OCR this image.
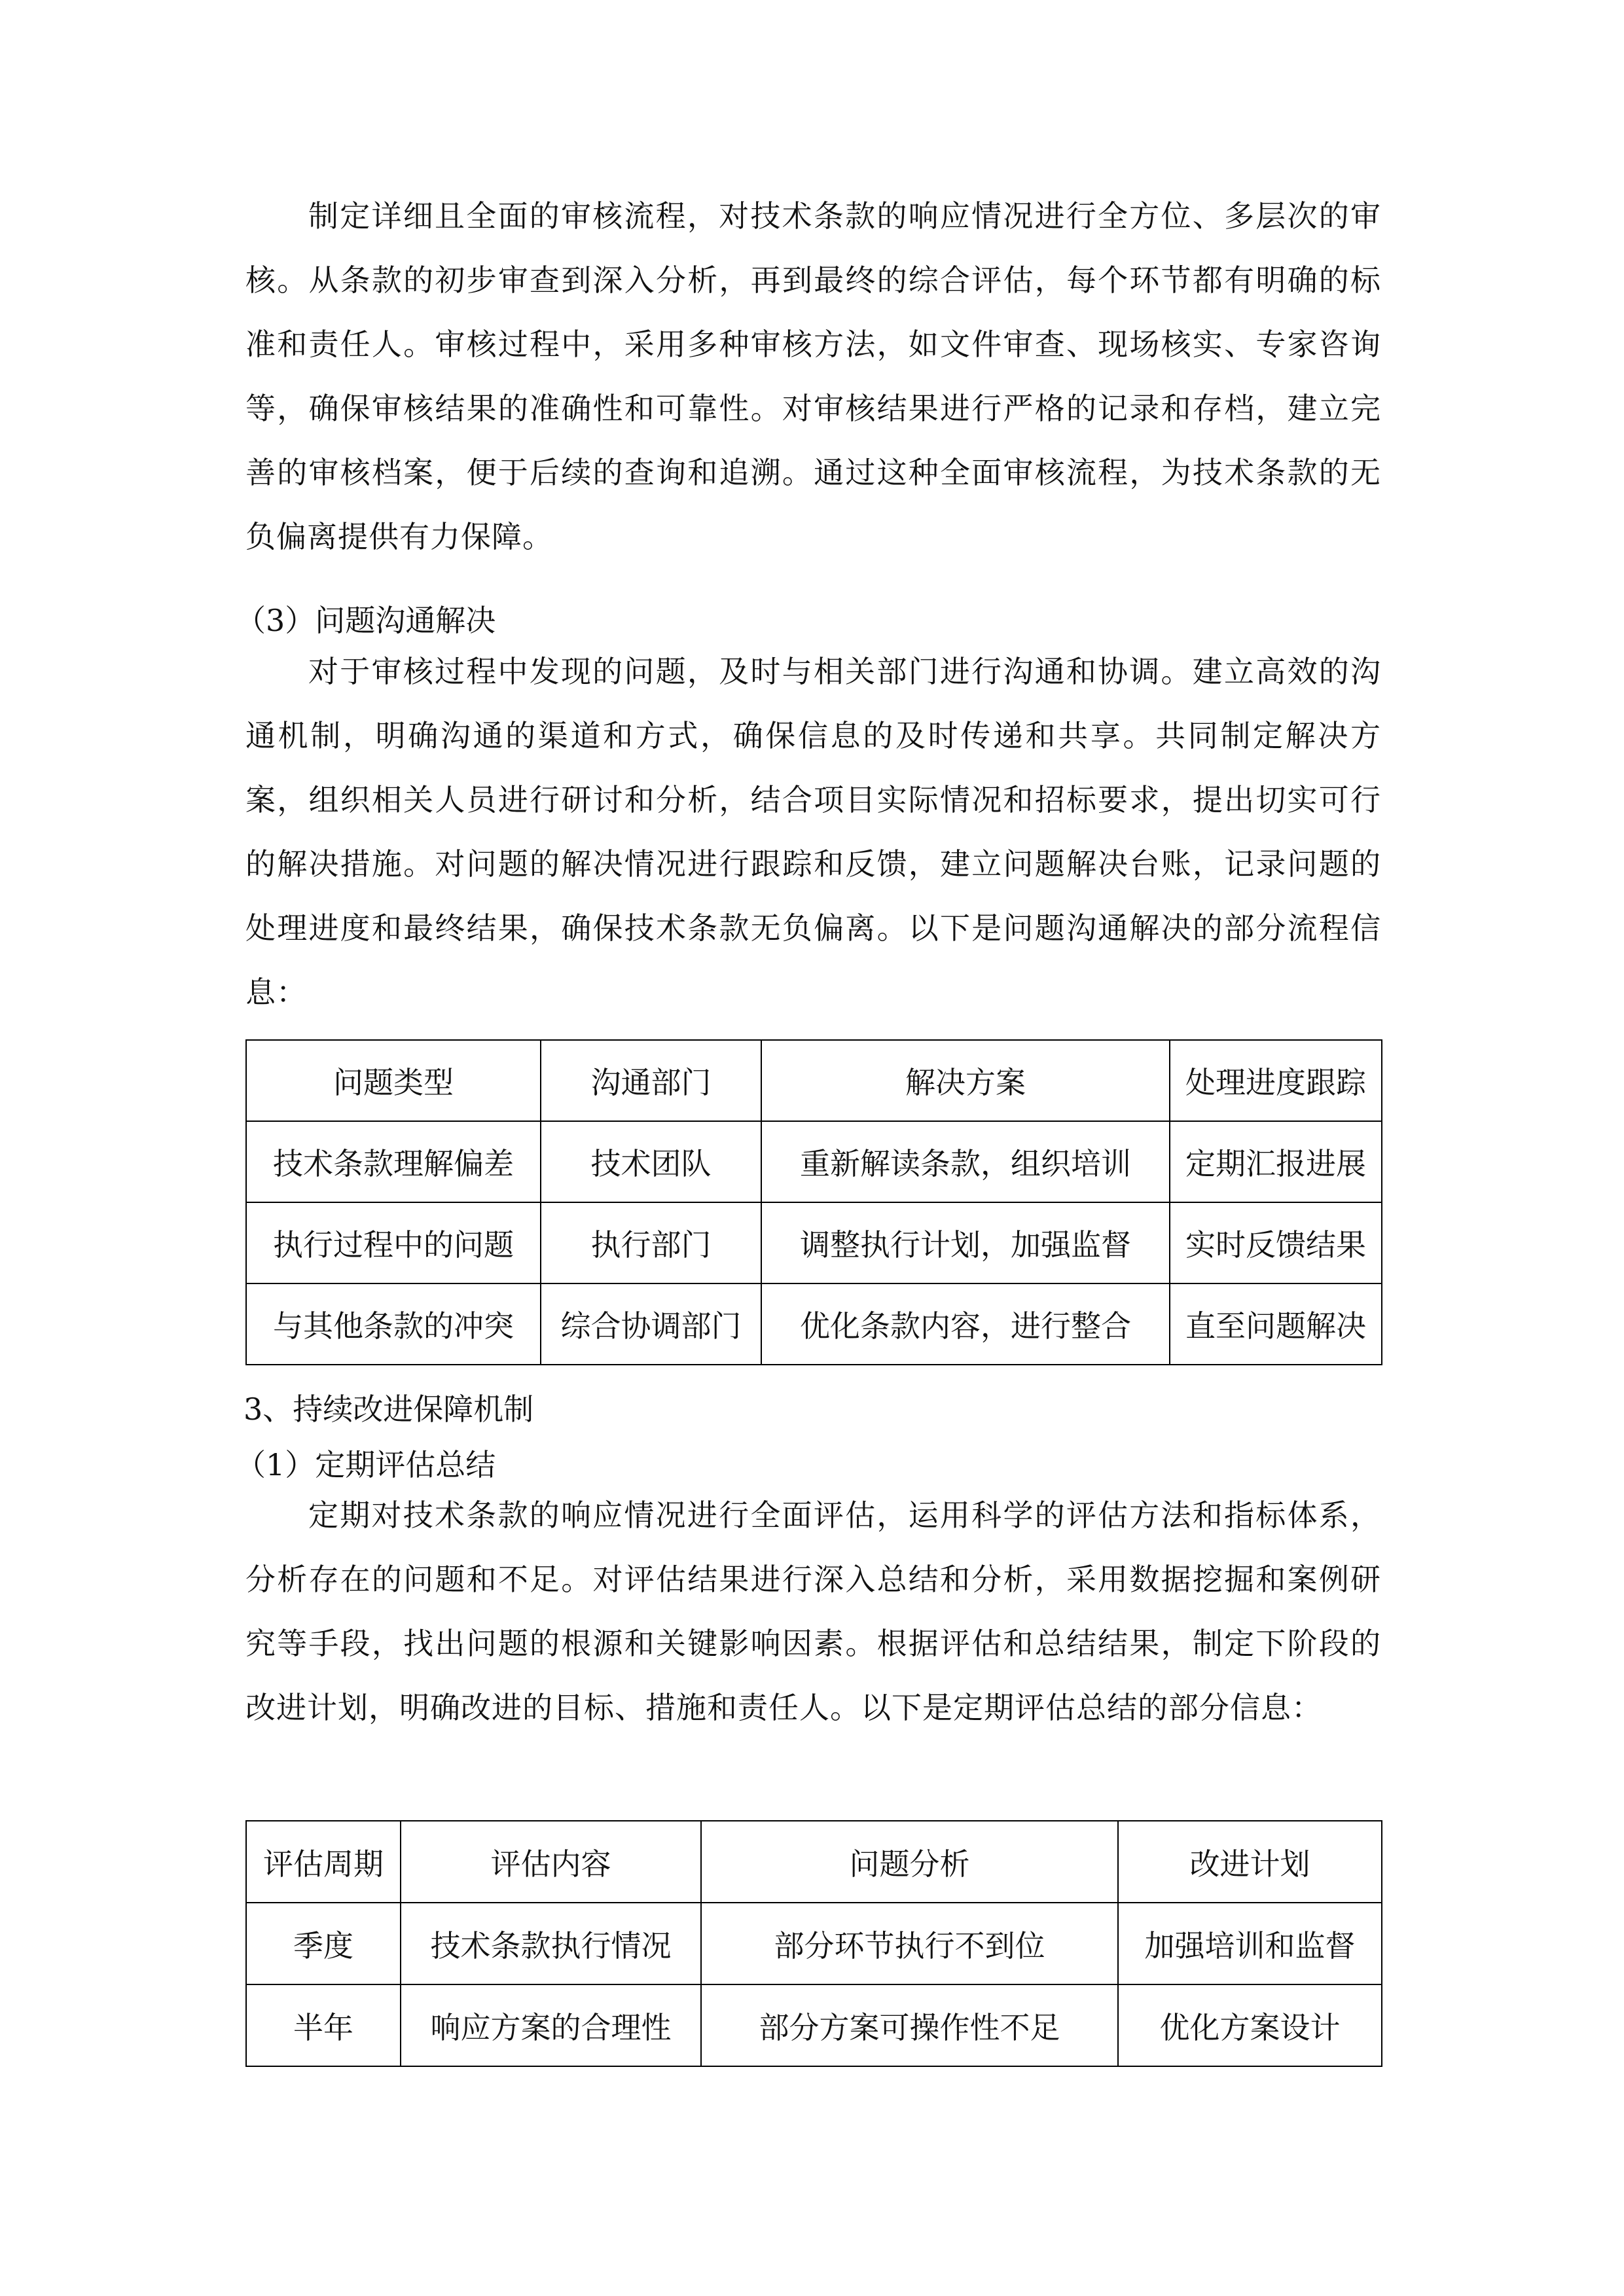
制定详细且全面的审核流程，对技术条款的响应情况进行全方位、多层次的审核。从条款的初步审查到深入分析，再到最终的综合评估，每个环节都有明确的标准和责任人。审核过程中，采用多种审核方法，如文件审查、现场核实、专家咨询等，确保审核结果的准确性和可靠性。对审核结果进行严格的记录和存档，建立完善的审核档案，便于后续的查询和追溯。通过这种全面审核流程，为技术条款的无负偏离提供有力保障。

（3）问题沟通解决

对于审核过程中发现的问题，及时与相关部门进行沟通和协调。建立高效的沟通机制，明确沟通的渠道和方式，确保信息的及时传递和共享。共同制定解决方案，组织相关人员进行研讨和分析，结合项目实际情况和招标要求，提出切实可行的解决措施。对问题的解决情况进行跟踪和反馈，建立问题解决台账，记录问题的处理进度和最终结果，确保技术条款无负偏离。以下是问题沟通解决的部分流程信息：

问题类型	沟通部门	解决方案	处理进度跟踪
技术条款理解偏差	技术团队	重新解读条款，组织培训	定期汇报进展
执行过程中的问题	执行部门	调整执行计划，加强监督	实时反馈结果
与其他条款的冲突	综合协调部门	优化条款内容，进行整合	直至问题解决

3、持续改进保障机制

（1）定期评估总结

定期对技术条款的响应情况进行全面评估，运用科学的评估方法和指标体系，分析存在的问题和不足。对评估结果进行深入总结和分析，采用数据挖掘和案例研究等手段，找出问题的根源和关键影响因素。根据评估和总结结果，制定下阶段的改进计划，明确改进的目标、措施和责任人。以下是定期评估总结的部分信息：

评估周期	评估内容	问题分析	改进计划
季度	技术条款执行情况	部分环节执行不到位	加强培训和监督
半年	响应方案的合理性	部分方案可操作性不足	优化方案设计
